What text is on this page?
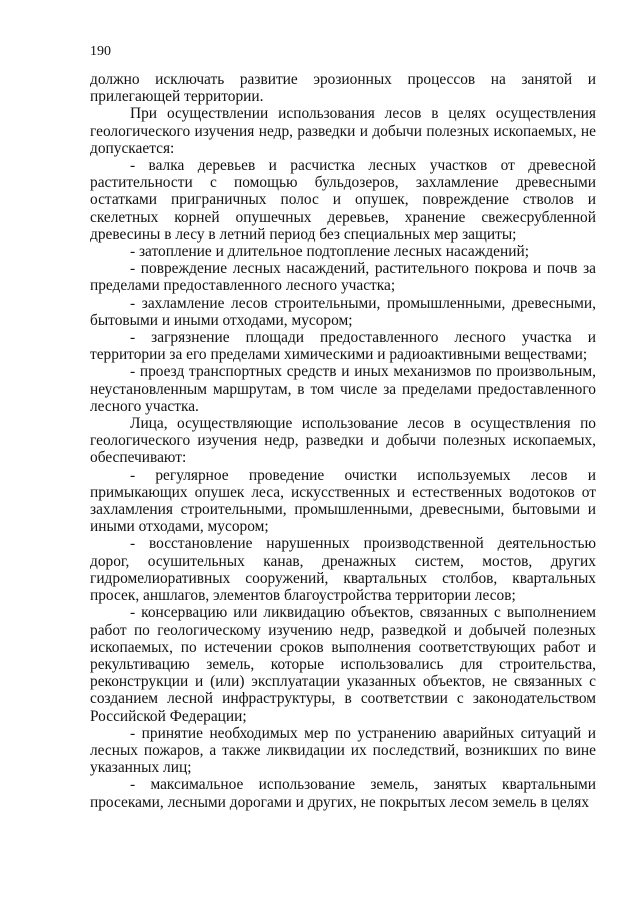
190

должно исключать развитие эрозионных процессов на занятой и прилегающей территории.

При осуществлении использования лесов в целях осуществления геологического изучения недр, разведки и добычи полезных ископаемых, не допускается:

- валка деревьев и расчистка лесных участков от древесной растительности с помощью бульдозеров, захламление древесными остатками приграничных полос и опушек, повреждение стволов и скелетных корней опушечных деревьев, хранение свежесрубленной древесины в лесу в летний период без специальных мер защиты;

- затопление и длительное подтопление лесных насаждений;

- повреждение лесных насаждений, растительного покрова и почв за пределами предоставленного лесного участка;

- захламление лесов строительными, промышленными, древесными, бытовыми и иными отходами, мусором;

- загрязнение площади предоставленного лесного участка и территории за его пределами химическими и радиоактивными веществами;

- проезд транспортных средств и иных механизмов по произвольным, неустановленным маршрутам, в том числе за пределами предоставленного лесного участка.

Лица, осуществляющие использование лесов в осуществления по геологического изучения недр, разведки и добычи полезных ископаемых, обеспечивают:

- регулярное проведение очистки используемых лесов и примыкающих опушек леса, искусственных и естественных водотоков от захламления строительными, промышленными, древесными, бытовыми и иными отходами, мусором;

- восстановление нарушенных производственной деятельностью дорог, осушительных канав, дренажных систем, мостов, других гидромелиоративных сооружений, квартальных столбов, квартальных просек, аншлагов, элементов благоустройства территории лесов;

- консервацию или ликвидацию объектов, связанных с выполнением работ по геологическому изучению недр, разведкой и добычей полезных ископаемых, по истечении сроков выполнения соответствующих работ и рекультивацию земель, которые использовались для строительства, реконструкции и (или) эксплуатации указанных объектов, не связанных с созданием лесной инфраструктуры, в соответствии с законодательством Российской Федерации;

- принятие необходимых мер по устранению аварийных ситуаций и лесных пожаров, а также ликвидации их последствий, возникших по вине указанных лиц;

- максимальное использование земель, занятых квартальными просеками, лесными дорогами и других, не покрытых лесом земель в целях
